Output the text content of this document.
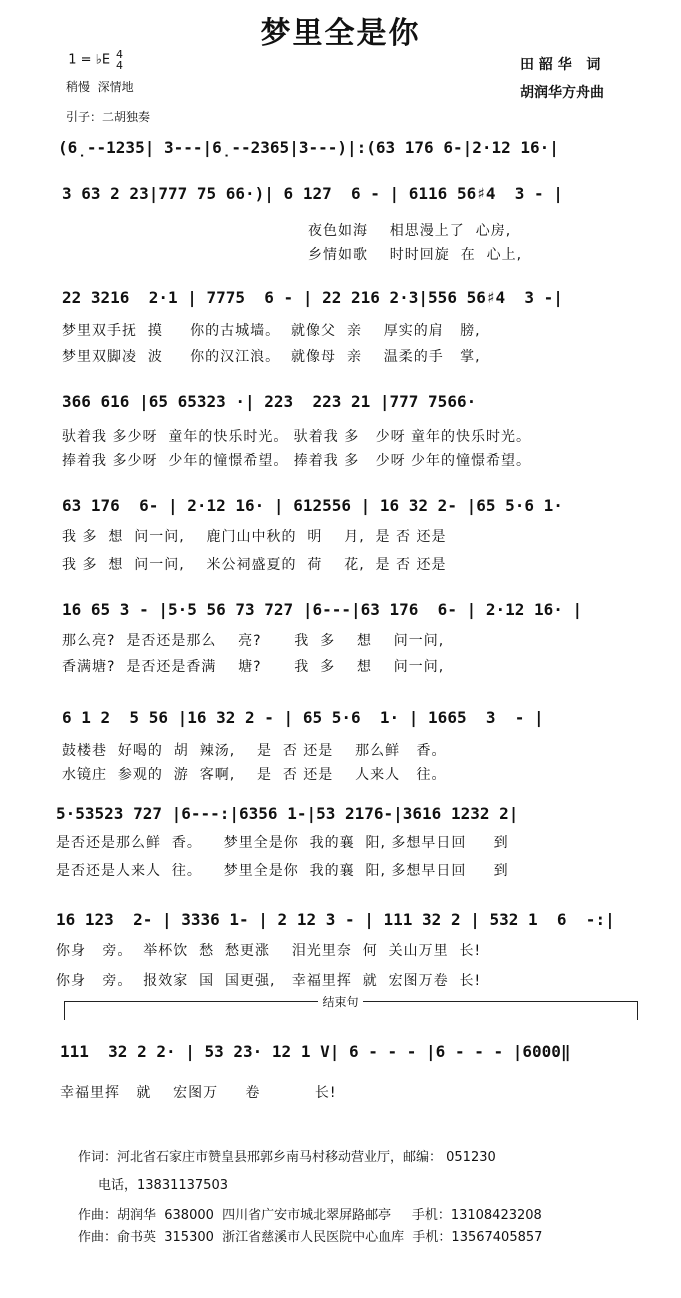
梦里全是你

1 = ♭E 4
4

稍慢  深情地
引子：二胡独奏
田 韶 华   词
胡润华方舟曲
(6̣--1235| 3---|6̣--2365|3---)|:(63 176 6-|2·12 16·|
3 63 2 23|777 75 66·)| 6 127  6 - | 6116 56♯4  3 - |
夜色如海    相思漫上了  心房,
乡情如歌    时时回旋  在  心上,
22 3216  2·1 | 7775  6 - | 22 216 2·3|556 56♯4  3 -|
梦里双手抚  摸     你的古城墙。  就像父  亲    厚实的肩   膀,
梦里双脚凌  波     你的汉江浪。  就像母  亲    温柔的手   掌,
366 616 |65 65323 ·| 223  223 21 |777 7566·
驮着我 多少呀  童年的快乐时光。 驮着我 多   少呀 童年的快乐时光。
捧着我 多少呀  少年的憧憬希望。 捧着我 多   少呀 少年的憧憬希望。
63 176  6- | 2·12 16· | 612556 | 16 32 2- |65 5·6 1·
我 多  想  问一问,    鹿门山中秋的  明    月,  是 否 还是
我 多  想  问一问,    米公祠盛夏的  荷    花,  是 否 还是
16 65 3 - |5·5 56 73 727 |6---|63 176  6- | 2·12 16· |
那么亮?  是否还是那么    亮?      我  多    想    问一问,
香满塘?  是否还是香满    塘?      我  多    想    问一问,
6 1 2  5 56 |16 32 2 - | 65 5·6  1· | 1665  3  - |
鼓楼巷  好喝的  胡  辣汤,    是  否 还是    那么鲜   香。
水镜庄  参观的  游  客啊,    是  否 还是    人来人   往。
5·53523 727 |6---:|6356 1-|53 2176-|3616 1232 2|
是否还是那么鲜  香。    梦里全是你  我的襄  阳, 多想早日回     到
是否还是人来人  往。    梦里全是你  我的襄  阳, 多想早日回     到
16 123  2- | 3336 1- | 2 12 3 - | 111 32 2 | 532 1  6  -:|
你身   旁。  举杯饮  愁  愁更涨    泪光里奈  何  关山万里  长!
你身   旁。  报效家  国  国更强,   幸福里挥  就  宏图万卷  长!
结束句
111  32 2 2· | 53 23· 12 1 V| 6 - - - |6 - - - |6000‖
幸福里挥   就    宏图万     卷          长!
作词：河北省石家庄市赞皇县邢郭乡南马村移动营业厅，邮编： 051230
电话，13831137503
作曲：胡润华  638000  四川省广安市城北翠屏路邮亭     手机：13108423208
作曲：俞书英  315300  浙江省慈溪市人民医院中心血库  手机：13567405857
